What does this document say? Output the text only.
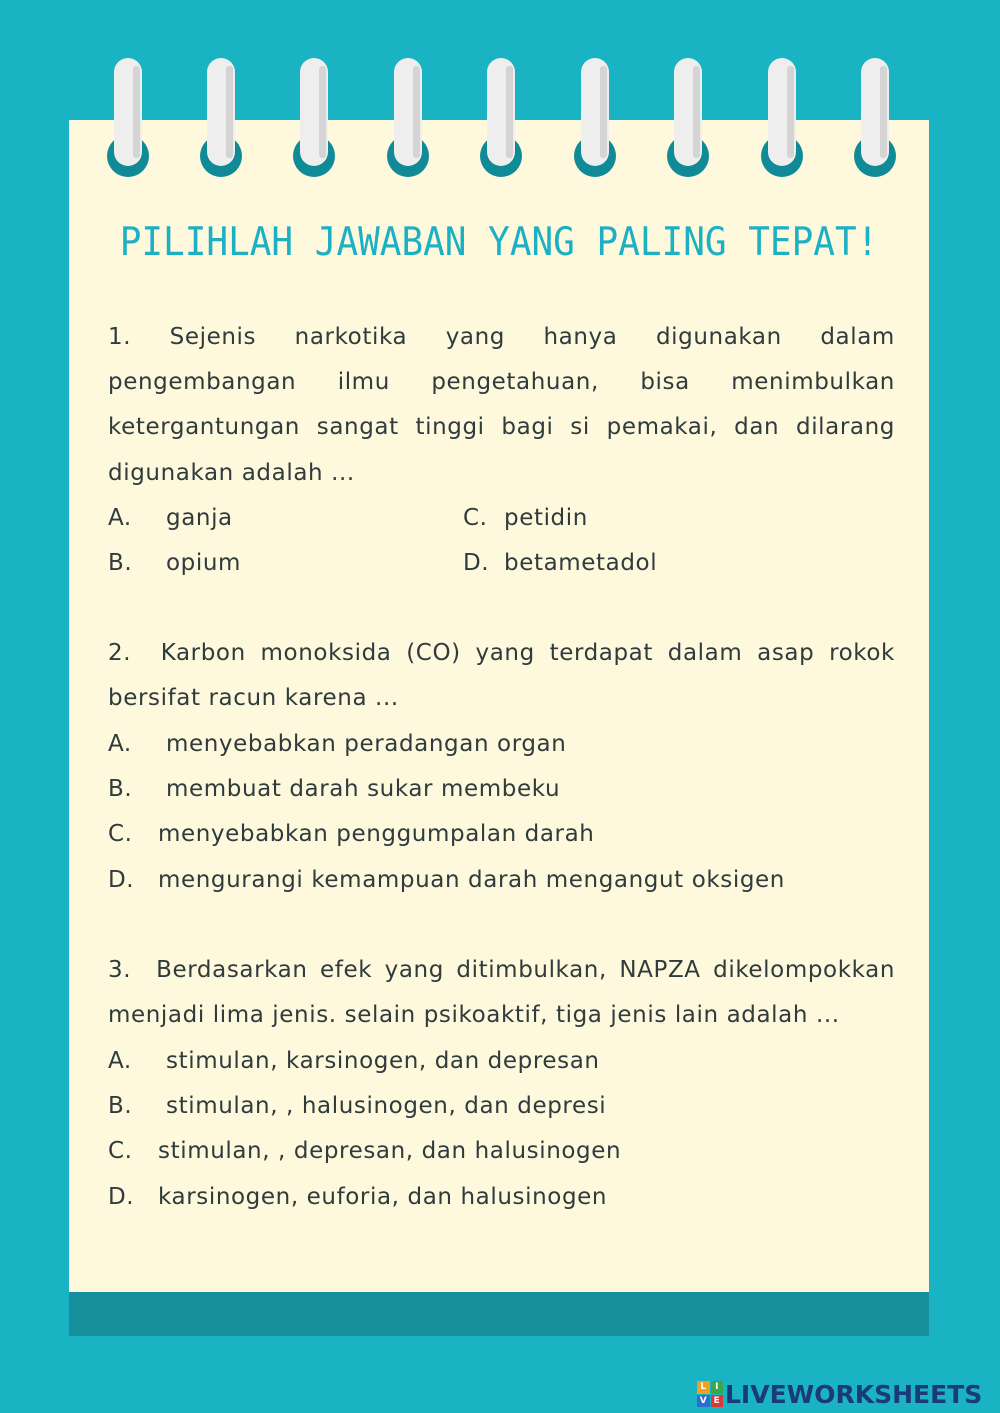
PILIHLAH JAWABAN YANG PALING TEPAT!
1. Sejenis narkotika yang hanya digunakan dalam
pengembangan ilmu pengetahuan, bisa menimbulkan ketergantungan sangat tinggi bagi si pemakai, dan dilarang digunakan adalah ...
A. ganja
B. opium
C. petidin
D. betametadol
2. Karbon monoksida (CO) yang terdapat dalam asap rokok bersifat racun karena ...
A. menyebabkan peradangan organ
B. membuat darah sukar membeku
C. menyebabkan penggumpalan darah
D. mengurangi kemampuan darah mengangut oksigen
3. Berdasarkan efek yang ditimbulkan, NAPZA dikelompokkan menjadi lima jenis. selain psikoaktif, tiga jenis lain adalah ...
A. stimulan, karsinogen, dan depresan
B. stimulan, , halusinogen, dan depresi
C. stimulan, , depresan, dan halusinogen
D. karsinogen, euforia, dan halusinogen
L I
V E LIVEWORKSHEETS
